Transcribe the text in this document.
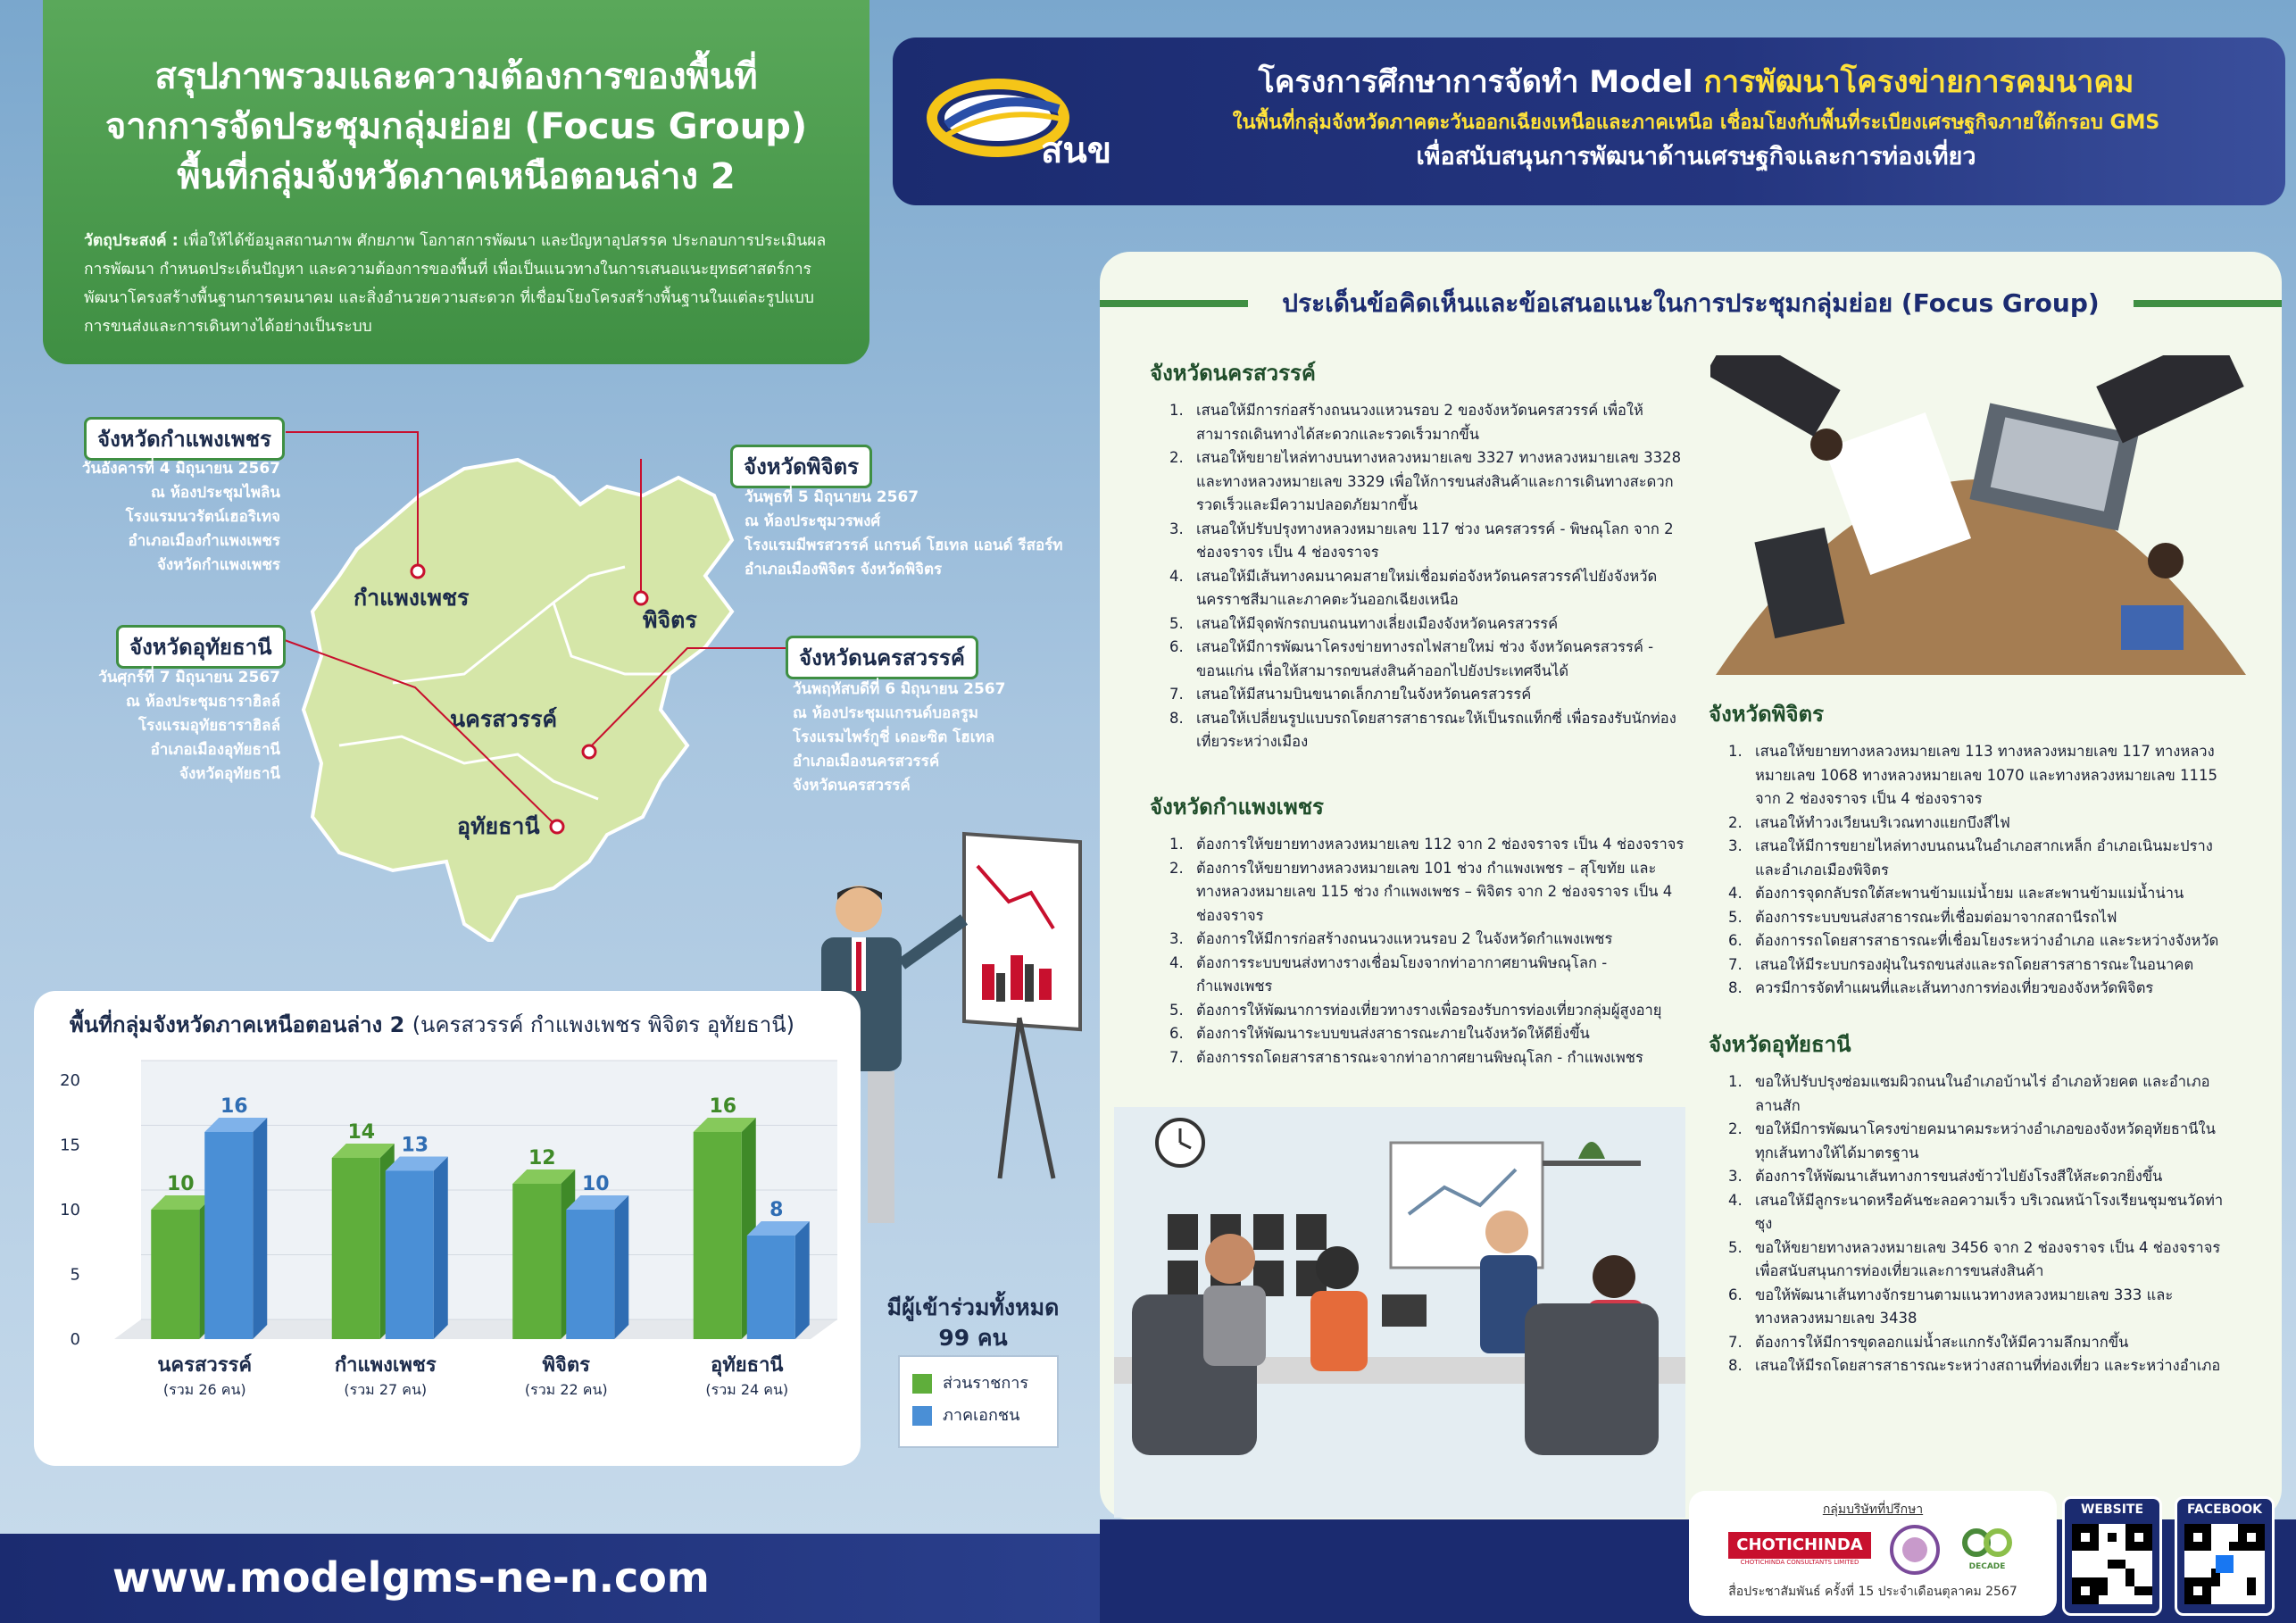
สรุปภาพรวมและความต้องการของพื้นที่
จากการจัดประชุมกลุ่มย่อย (Focus Group)
พื้นที่กลุ่มจังหวัดภาคเหนือตอนล่าง 2
วัตถุประสงค์ : เพื่อให้ได้ข้อมูลสถานภาพ ศักยภาพ โอกาสการพัฒนา และปัญหาอุปสรรค ประกอบการประเมินผลการพัฒนา กำหนดประเด็นปัญหา และความต้องการของพื้นที่ เพื่อเป็นแนวทางในการเสนอแนะยุทธศาสตร์การพัฒนาโครงสร้างพื้นฐานการคมนาคม และสิ่งอำนวยความสะดวก ที่เชื่อมโยงโครงสร้างพื้นฐานในแต่ละรูปแบบการขนส่งและการเดินทางได้อย่างเป็นระบบ
สนข
โครงการศึกษาการจัดทำ Model การพัฒนาโครงข่ายการคมนาคม
ในพื้นที่กลุ่มจังหวัดภาคตะวันออกเฉียงเหนือและภาคเหนือ เชื่อมโยงกับพื้นที่ระเบียงเศรษฐกิจภายใต้กรอบ GMS
เพื่อสนับสนุนการพัฒนาด้านเศรษฐกิจและการท่องเที่ยว
กำแพงเพชร
พิจิตร
นครสวรรค์
อุทัยธานี
จังหวัดกำแพงเพชร
วันอังคารที่ 4 มิถุนายน 2567
ณ ห้องประชุมไพลิน
โรงแรมนวรัตน์เฮอริเทจ
อำเภอเมืองกำแพงเพชร
จังหวัดกำแพงเพชร
จังหวัดพิจิตร
วันพุธที่ 5 มิถุนายน 2567
ณ ห้องประชุมวรพงศ์
โรงแรมมีพรสวรรค์ แกรนด์ โฮเทล แอนด์ รีสอร์ท
อำเภอเมืองพิจิตร จังหวัดพิจิตร
จังหวัดอุทัยธานี
วันศุกร์ที่ 7 มิถุนายน 2567
ณ ห้องประชุมธาราฮิลล์
โรงแรมอุทัยธาราฮิลล์
อำเภอเมืองอุทัยธานี
จังหวัดอุทัยธานี
จังหวัดนครสวรรค์
วันพฤหัสบดีที่ 6 มิถุนายน 2567
ณ ห้องประชุมแกรนด์บอลรูม
โรงแรมไพร์กูชี่ เดอะซิต โฮเทล
อำเภอเมืองนครสวรรค์
จังหวัดนครสวรรค์
พื้นที่กลุ่มจังหวัดภาคเหนือตอนล่าง 2 (นครสวรรค์ กำแพงเพชร พิจิตร อุทัยธานี)
0
5
10
15
20
10
16
นครสวรรค์
(รวม 26 คน)
14
13
กำแพงเพชร
(รวม 27 คน)
12
10
พิจิตร
(รวม 22 คน)
16
8
อุทัยธานี
(รวม 24 คน)
มีผู้เข้าร่วมทั้งหมด
99 คน
ส่วนราชการ
ภาคเอกชน
ประเด็นข้อคิดเห็นและข้อเสนอแนะในการประชุมกลุ่มย่อย (Focus Group)
จังหวัดนครสวรรค์
1. เสนอให้มีการก่อสร้างถนนวงแหวนรอบ 2 ของจังหวัดนครสวรรค์ เพื่อให้สามารถเดินทางได้สะดวกและรวดเร็วมากขึ้น
2. เสนอให้ขยายไหล่ทางบนทางหลวงหมายเลข 3327 ทางหลวงหมายเลข 3328 และทางหลวงหมายเลข 3329 เพื่อให้การขนส่งสินค้าและการเดินทางสะดวกรวดเร็วและมีความปลอดภัยมากขึ้น
3. เสนอให้ปรับปรุงทางหลวงหมายเลข 117 ช่วง นครสวรรค์ - พิษณุโลก จาก 2 ช่องจราจร เป็น 4 ช่องจราจร
4. เสนอให้มีเส้นทางคมนาคมสายใหม่เชื่อมต่อจังหวัดนครสวรรค์ไปยังจังหวัดนครราชสีมาและภาคตะวันออกเฉียงเหนือ
5. เสนอให้มีจุดพักรถบนถนนทางเลี่ยงเมืองจังหวัดนครสวรรค์
6. เสนอให้มีการพัฒนาโครงข่ายทางรถไฟสายใหม่ ช่วง จังหวัดนครสวรรค์ - ขอนแก่น เพื่อให้สามารถขนส่งสินค้าออกไปยังประเทศจีนได้
7. เสนอให้มีสนามบินขนาดเล็กภายในจังหวัดนครสวรรค์
8. เสนอให้เปลี่ยนรูปแบบรถโดยสารสาธารณะให้เป็นรถแท็กซี่ เพื่อรองรับนักท่องเที่ยวระหว่างเมือง
จังหวัดกำแพงเพชร
1. ต้องการให้ขยายทางหลวงหมายเลข 112 จาก 2 ช่องจราจร เป็น 4 ช่องจราจร
2. ต้องการให้ขยายทางหลวงหมายเลข 101 ช่วง กำแพงเพชร – สุโขทัย และทางหลวงหมายเลข 115 ช่วง กำแพงเพชร – พิจิตร จาก 2 ช่องจราจร เป็น 4 ช่องจราจร
3. ต้องการให้มีการก่อสร้างถนนวงแหวนรอบ 2 ในจังหวัดกำแพงเพชร
4. ต้องการระบบขนส่งทางรางเชื่อมโยงจากท่าอากาศยานพิษณุโลก - กำแพงเพชร
5. ต้องการให้พัฒนาการท่องเที่ยวทางรางเพื่อรองรับการท่องเที่ยวกลุ่มผู้สูงอายุ
6. ต้องการให้พัฒนาระบบขนส่งสาธารณะภายในจังหวัดให้ดียิ่งขึ้น
7. ต้องการรถโดยสารสาธารณะจากท่าอากาศยานพิษณุโลก - กำแพงเพชร
จังหวัดพิจิตร
1. เสนอให้ขยายทางหลวงหมายเลข 113 ทางหลวงหมายเลข 117 ทางหลวงหมายเลข 1068 ทางหลวงหมายเลข 1070 และทางหลวงหมายเลข 1115 จาก 2 ช่องจราจร เป็น 4 ช่องจราจร
2. เสนอให้ทำวงเวียนบริเวณทางแยกบึงสีไฟ
3. เสนอให้มีการขยายไหล่ทางบนถนนในอำเภอสากเหล็ก อำเภอเนินมะปราง และอำเภอเมืองพิจิตร
4. ต้องการจุดกลับรถใต้สะพานข้ามแม่น้ำยม และสะพานข้ามแม่น้ำน่าน
5. ต้องการระบบขนส่งสาธารณะที่เชื่อมต่อมาจากสถานีรถไฟ
6. ต้องการรถโดยสารสาธารณะที่เชื่อมโยงระหว่างอำเภอ และระหว่างจังหวัด
7. เสนอให้มีระบบกรองฝุ่นในรถขนส่งและรถโดยสารสาธารณะในอนาคต
8. ควรมีการจัดทำแผนที่และเส้นทางการท่องเที่ยวของจังหวัดพิจิตร
จังหวัดอุทัยธานี
1. ขอให้ปรับปรุงซ่อมแซมผิวถนนในอำเภอบ้านไร่ อำเภอห้วยคต และอำเภอลานสัก
2. ขอให้มีการพัฒนาโครงข่ายคมนาคมระหว่างอำเภอของจังหวัดอุทัยธานีในทุกเส้นทางให้ได้มาตรฐาน
3. ต้องการให้พัฒนาเส้นทางการขนส่งข้าวไปยังโรงสีให้สะดวกยิ่งขึ้น
4. เสนอให้มีลูกระนาดหรือคันชะลอความเร็ว บริเวณหน้าโรงเรียนชุมชนวัดท่าซุง
5. ขอให้ขยายทางหลวงหมายเลข 3456 จาก 2 ช่องจราจร เป็น 4 ช่องจราจร เพื่อสนับสนุนการท่องเที่ยวและการขนส่งสินค้า
6. ขอให้พัฒนาเส้นทางจักรยานตามแนวทางหลวงหมายเลข 333 และทางหลวงหมายเลข 3438
7. ต้องการให้มีการขุดลอกแม่น้ำสะแกกรังให้มีความลึกมากขึ้น
8. เสนอให้มีรถโดยสารสาธารณะระหว่างสถานที่ท่องเที่ยว และระหว่างอำเภอ
www.modelgms-ne-n.com
กลุ่มบริษัทที่ปรึกษา
CHOTICHINDA
CHOTICHINDA CONSULTANTS LIMITED	DECADE
สื่อประชาสัมพันธ์ ครั้งที่ 15 ประจำเดือนตุลาคม 2567
WEBSITE	FACEBOOK
